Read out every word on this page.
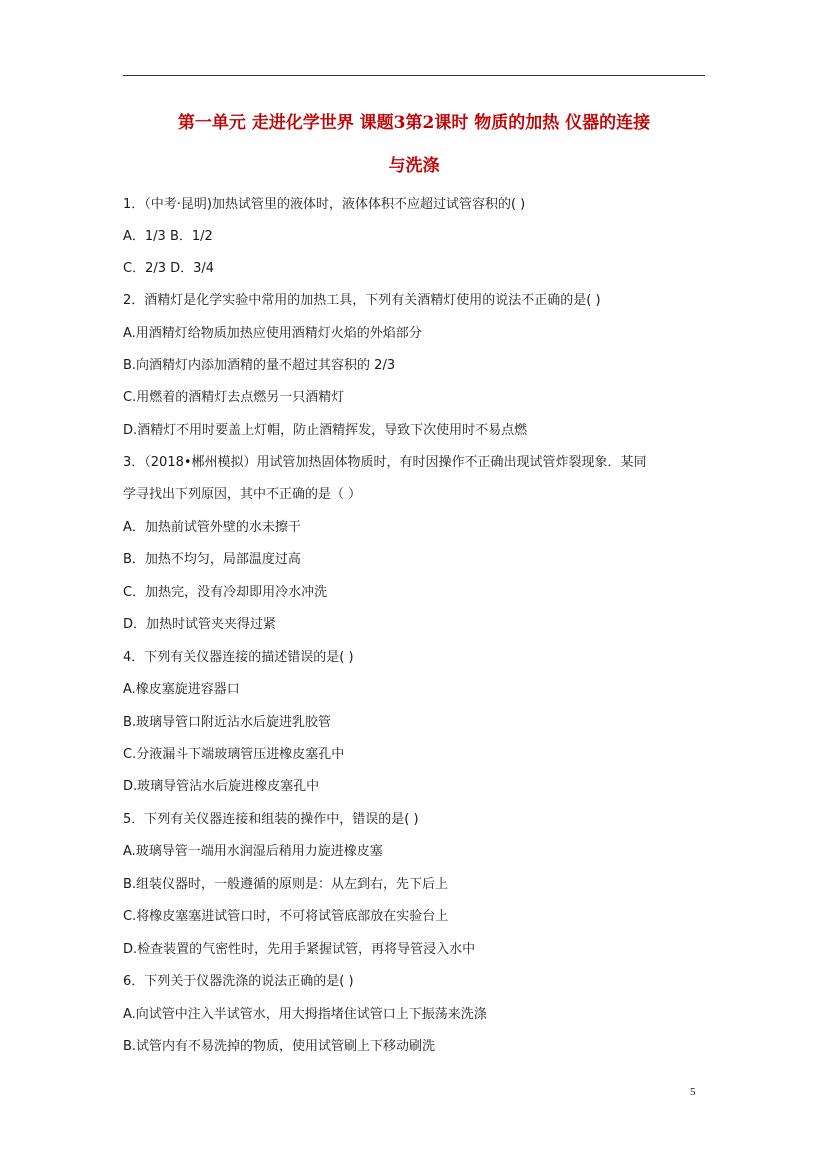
第一单元 走进化学世界 课题3第2课时 物质的加热 仪器的连接
与洗涤
1．（中考·昆明)加热试管里的液体时，液体体积不应超过试管容积的( )
A．1/3 B．1/2
C．2/3 D．3/4
2．酒精灯是化学实验中常用的加热工具，下列有关酒精灯使用的说法不正确的是( )
A.用酒精灯给物质加热应使用酒精灯火焰的外焰部分
B.向酒精灯内添加酒精的量不超过其容积的 2/3
C.用燃着的酒精灯去点燃另一只酒精灯
D.酒精灯不用时要盖上灯帽，防止酒精挥发，导致下次使用时不易点燃
3．（2018•郴州模拟）用试管加热固体物质时，有时因操作不正确出现试管炸裂现象．某同
学寻找出下列原因，其中不正确的是（ ）
A．加热前试管外壁的水未擦干
B．加热不均匀，局部温度过高
C．加热完，没有冷却即用冷水冲洗
D．加热时试管夹夹得过紧
4．下列有关仪器连接的描述错误的是( )
A.橡皮塞旋进容器口
B.玻璃导管口附近沾水后旋进乳胶管
C.分液漏斗下端玻璃管压进橡皮塞孔中
D.玻璃导管沾水后旋进橡皮塞孔中
5．下列有关仪器连接和组装的操作中，错误的是( )
A.玻璃导管一端用水润湿后稍用力旋进橡皮塞
B.组装仪器时，一般遵循的原则是：从左到右，先下后上
C.将橡皮塞塞进试管口时，不可将试管底部放在实验台上
D.检查装置的气密性时，先用手紧握试管，再将导管浸入水中
6．下列关于仪器洗涤的说法正确的是( )
A.向试管中注入半试管水，用大拇指堵住试管口上下振荡来洗涤
B.试管内有不易洗掉的物质，使用试管刷上下移动刷洗
5
